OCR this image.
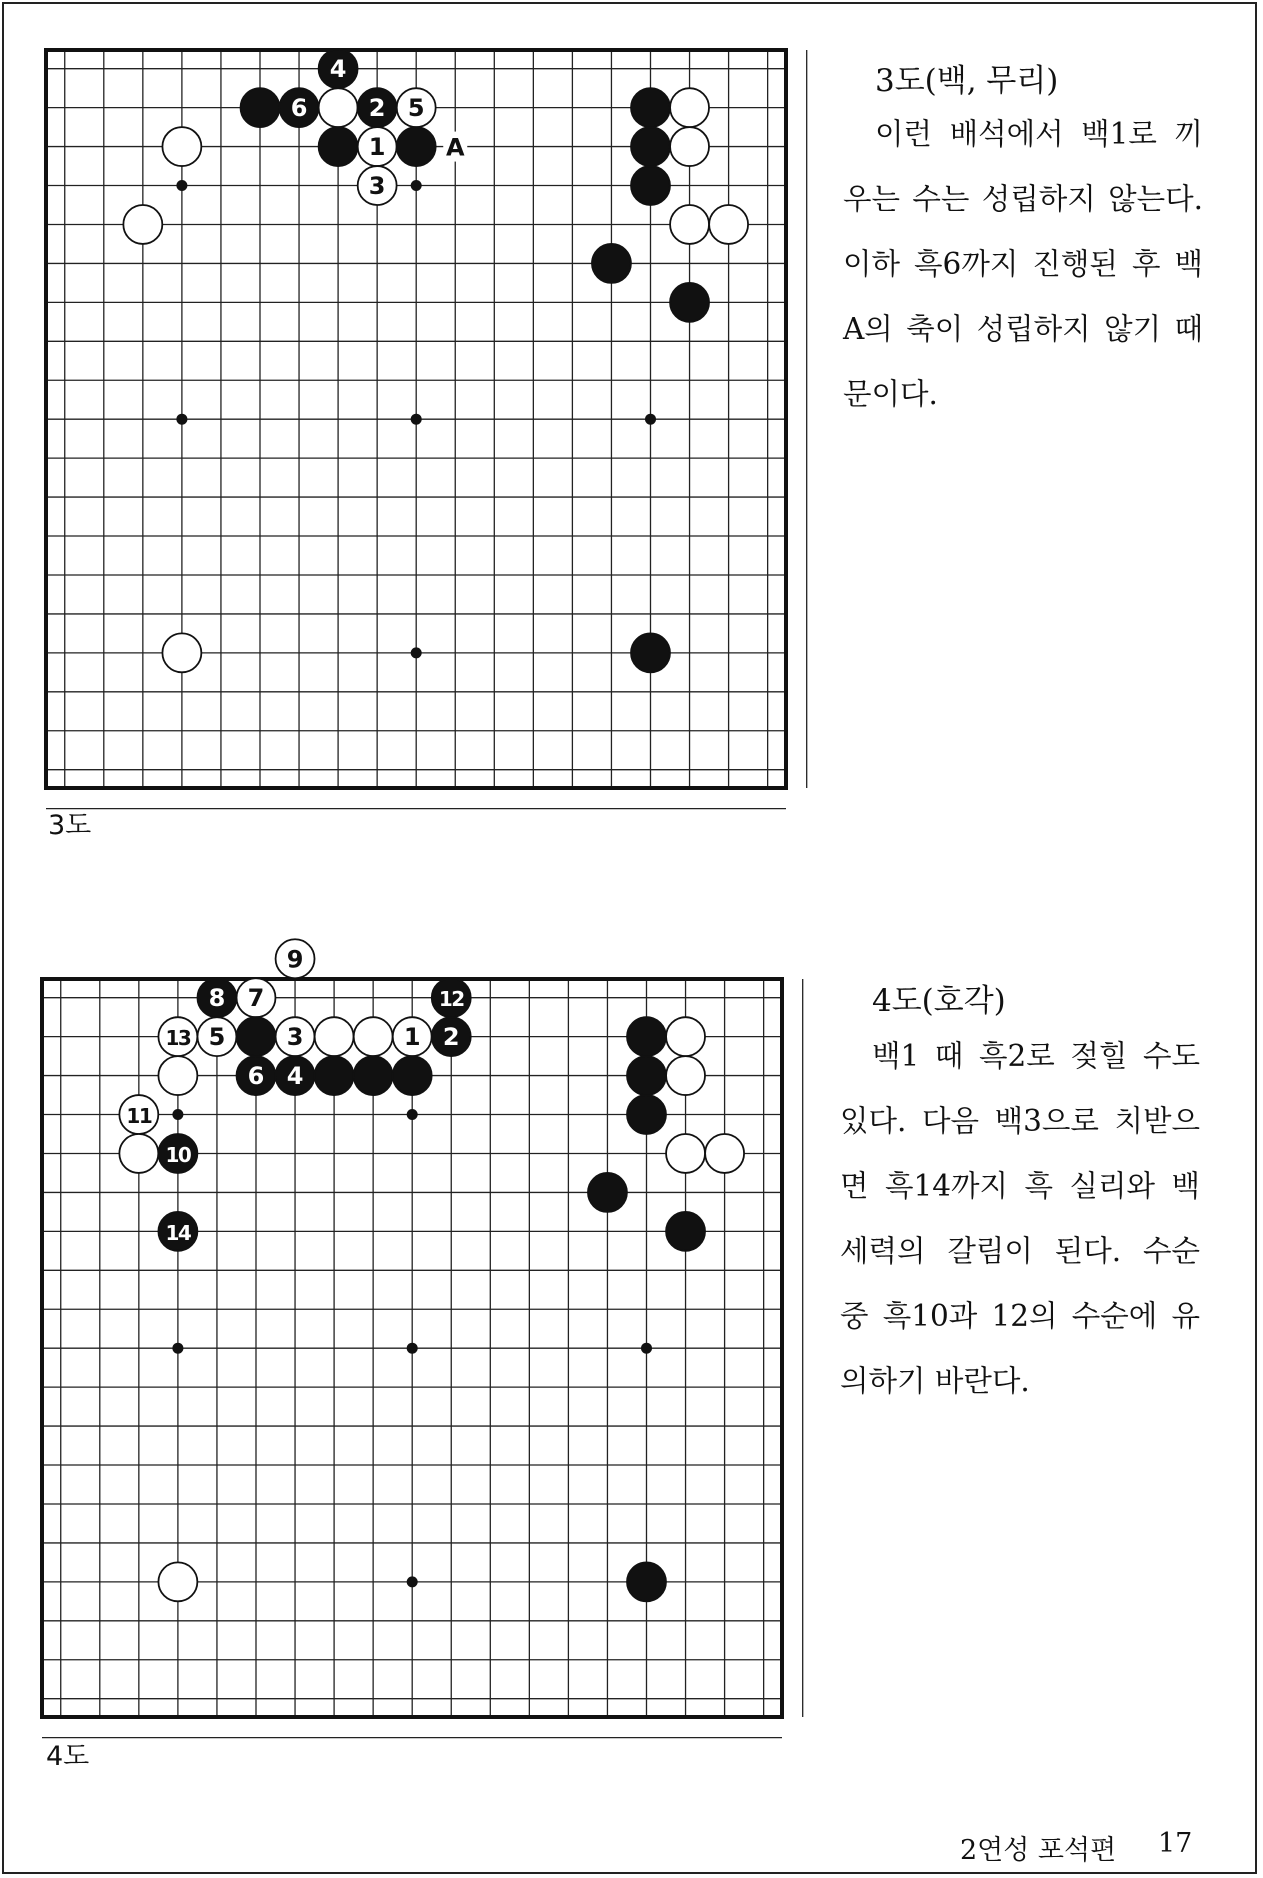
4
6	2 5
1
3
A
3도
3도(백, 무리)

이런 배석에서 백1로 끼우는 수는 성립하지 않는다. 이하 흑6까지 진행된 후 백A의 축이 성립하지 않기 때문이다.

9
8 7	12
13 5	3	1 2
6 4
11
10
14
4도
4도(호각)

백1 때 흑2로 젖힐 수도 있다. 다음 백3으로 치받으면 흑14까지 흑 실리와 백 세력의 갈림이 된다. 수순 중 흑10과 12의 수순에 유의하기 바란다.

2연성 포석편 17
